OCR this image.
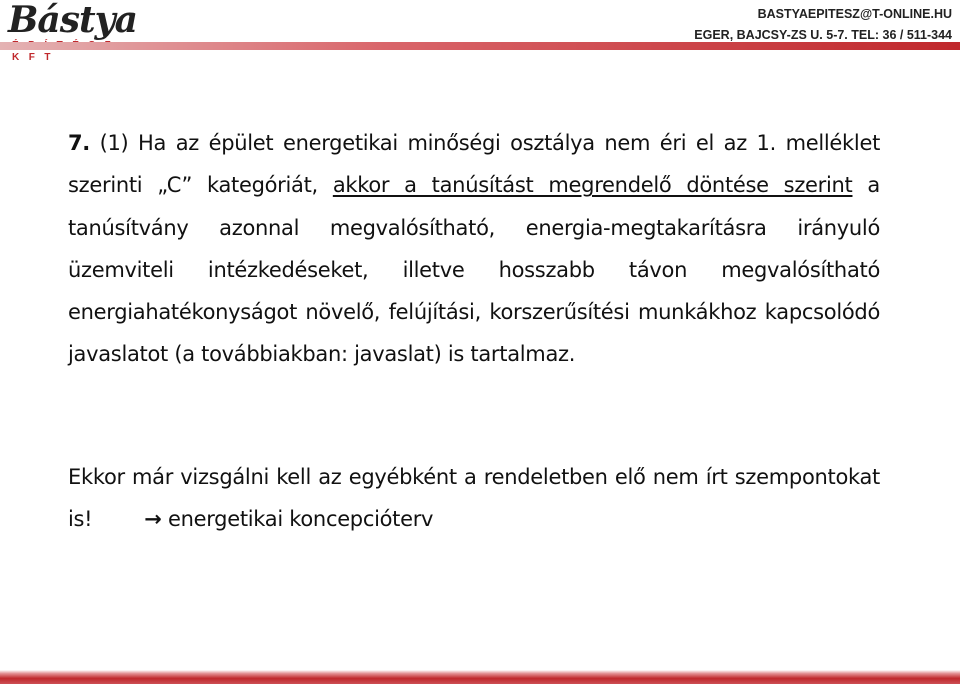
Bástya
KFT
BASTYAEPITESZ@T-ONLINE.HU
EGER, BAJCSY-ZS U. 5-7. TEL: 36 / 511-344

7. (1) Ha az épület energetikai minőségi osztálya nem éri el az 1. melléklet szerinti „C” kategóriát, akkor a tanúsítást megrendelő döntése szerint a tanúsítvány azonnal megvalósítható, energia-megtakarításra irányuló üzemviteli intézkedéseket, illetve hosszabb távon megvalósítható energiahatékonyságot növelő, felújítási, korszerűsítési munkákhoz kapcsolódó javaslatot (a továbbiakban: javaslat) is tartalmaz.

Ekkor már vizsgálni kell az egyébként a rendeletben elő nem írt szempontokat is! → energetikai koncepcióterv
